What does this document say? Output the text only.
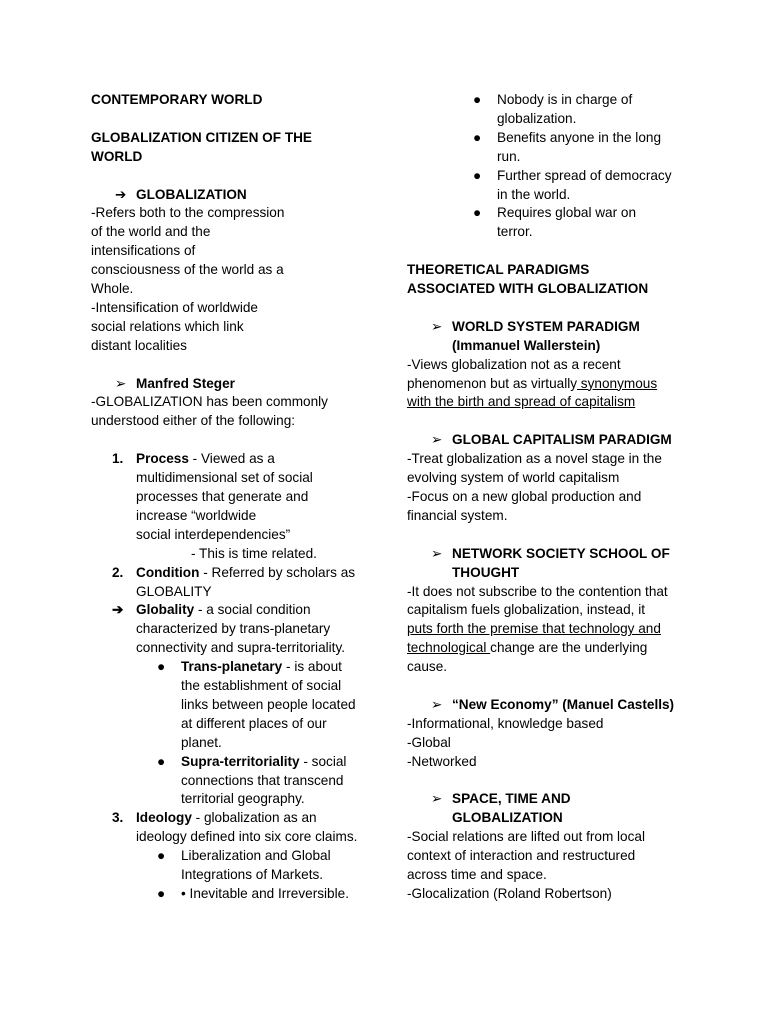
CONTEMPORARY WORLD

GLOBALIZATION CITIZEN OF THE WORLD

➔ GLOBALIZATION

-Refers both to the compression

of the world and the

intensifications of

consciousness of the world as a

Whole.

-Intensification of worldwide

social relations which link

distant localities

➢ Manfred Steger

-GLOBALIZATION has been commonly

understood either of the following:

1. Process - Viewed as a

multidimensional set of social

processes that generate and

increase “worldwide

social interdependencies”

- This is time related.

2. Condition - Referred by scholars as

GLOBALITY

➔ Globality - a social condition

characterized by trans-planetary

connectivity and supra-territoriality.

●	Trans-planetary - is about

the establishment of social

links between people located

at different places of our

planet.

●	Supra-territoriality - social

connections that transcend

territorial geography.

3. Ideology - globalization as an

ideology defined into six core claims.

●	Liberalization and Global

Integrations of Markets.

●	• Inevitable and Irreversible.

●	Nobody is in charge of

globalization.

●	Benefits anyone in the long

run.

●	Further spread of democracy

in the world.

●	Requires global war on

terror.

THEORETICAL PARADIGMS

ASSOCIATED WITH GLOBALIZATION

➢ WORLD SYSTEM PARADIGM

(Immanuel Wallerstein)

-Views globalization not as a recent

phenomenon but as virtually synonymous

with the birth and spread of capitalism

➢ GLOBAL CAPITALISM PARADIGM

-Treat globalization as a novel stage in the

evolving system of world capitalism

-Focus on a new global production and

financial system.

➢ NETWORK SOCIETY SCHOOL OF

THOUGHT

-It does not subscribe to the contention that

capitalism fuels globalization, instead, it

puts forth the premise that technology and

technological change are the underlying

cause.

➢ “New Economy” (Manuel Castells)

-Informational, knowledge based

-Global

-Networked

➢ SPACE, TIME AND

GLOBALIZATION

-Social relations are lifted out from local

context of interaction and restructured

across time and space.

-Glocalization (Roland Robertson)
